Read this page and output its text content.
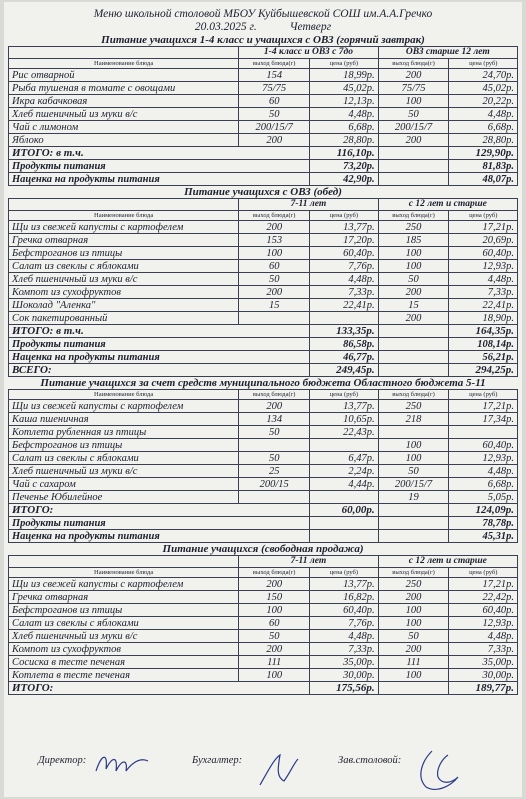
Меню школьной столовой МБОУ Куйбышевской СОШ им.А.А.Гречко
20.03.2025 г.	Четверг
Питание учащихся 1-4 класс и учащихся с ОВЗ (горячий завтрак)
	1-4 класс и ОВЗ с 7до		ОВЗ старше 12 лет	
Наименование блюда	выход блюда(г)	цена (руб)	выход блюда(г)	цена (руб)
Рис отварной	154	18,99р.	200	24,70р.
Рыба тушеная в томате с овощами	75/75	45,02р.	75/75	45,02р.
Икра кабачковая	60	12,13р.	100	20,22р.
Хлеб пшеничный из муки в/с	50	4,48р.	50	4,48р.
Чай с лимоном	200/15/7	6,68р.	200/15/7	6,68р.
Яблоко	200	28,80р.	200	28,80р.
ИТОГО: в т.ч.		116,10р.		129,90р.
Продукты питания		73,20р.		81,83р.
Наценка на продукты питания		42,90р.		48,07р.
Питание учащихся с ОВЗ (обед)
	7-11 лет		с 12 лет и старше	
Наименование блюда	выход блюда(г)	цена (руб)	выход блюда(г)	цена (руб)
Щи из свежей капусты с картофелем	200	13,77р.	250	17,21р.
Гречка отварная	153	17,20р.	185	20,69р.
Бефстроганов из птицы	100	60,40р.	100	60,40р.
Салат из свеклы с яблоками	60	7,76р.	100	12,93р.
Хлеб пшеничный из муки в/с	50	4,48р.	50	4,48р.
Компот из сухофруктов	200	7,33р.	200	7,33р.
Шоколад "Аленка"	15	22,41р.	15	22,41р.
Сок пакетированный			200	18,90р.
ИТОГО: в т.ч.		133,35р.		164,35р.
Продукты питания		86,58р.		108,14р.
Наценка на продукты питания		46,77р.		56,21р.
ВСЕГО:		249,45р.		294,25р.
Питание учащихся за счет средств муниципального бюджета Областного бюджета 5-11
Наименование блюда	выход блюда(г)	цена (руб)	выход блюда(г)	цена (руб)
Щи из свежей капусты с картофелем	200	13,77р.	250	17,21р.
Каша пшеничная	134	10,65р.	218	17,34р.
Котлета рубленная из птицы	50	22,43р.		
Бефстроганов из птицы			100	60,40р.
Салат из свеклы с яблоками	50	6,47р.	100	12,93р.
Хлеб пшеничный из муки в/с	25	2,24р.	50	4,48р.
Чай с сахаром	200/15	4,44р.	200/15/7	6,68р.
Печенье Юбилейное			19	5,05р.
ИТОГО:		60,00р.		124,09р.
Продукты питания				78,78р.
Наценка на продукты питания				45,31р.
Питание учащихся (свободная продажа)
	7-11 лет		с 12 лет и старше	
Наименование блюда	выход блюда(г)	цена (руб)	выход блюда(г)	цена (руб)
Щи из свежей капусты с картофелем	200	13,77р.	250	17,21р.
Гречка отварная	150	16,82р.	200	22,42р.
Бефстроганов из птицы	100	60,40р.	100	60,40р.
Салат из свеклы с яблоками	60	7,76р.	100	12,93р.
Хлеб пшеничный из муки в/с	50	4,48р.	50	4,48р.
Компот из сухофруктов	200	7,33р.	200	7,33р.
Сосиска в тесте печеная	111	35,00р.	111	35,00р.
Котлета в тесте печеная	100	30,00р.	100	30,00р.
ИТОГО:		175,56р.		189,77р.
Директор:	Бухгалтер:	Зав.столовой:
